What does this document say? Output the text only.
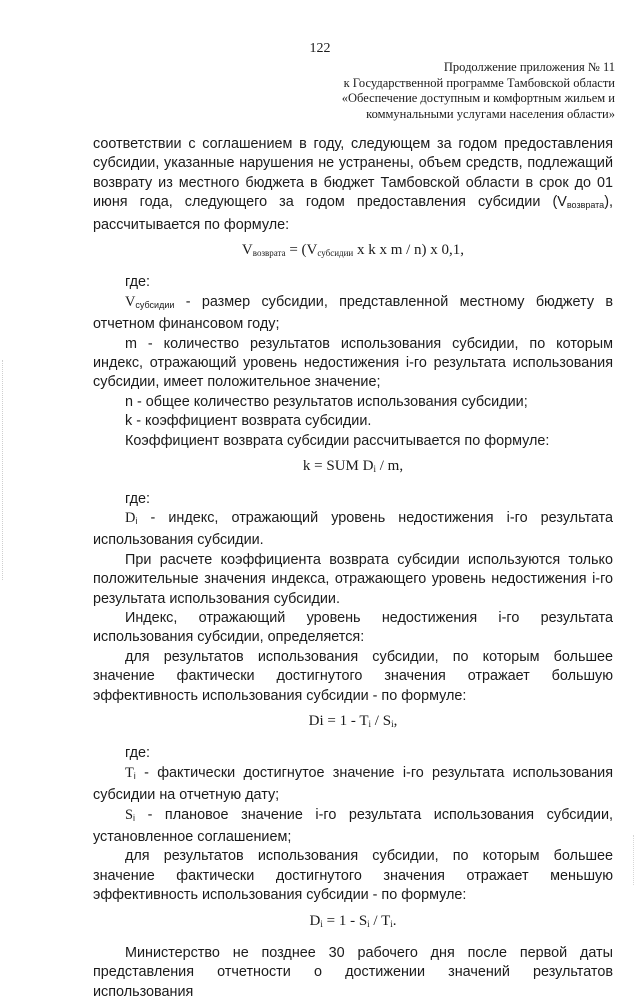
122
Продолжение приложения № 11
к Государственной программе Тамбовской области
«Обеспечение доступным и комфортным жильем и
коммунальными услугами населения области»

соответствии с соглашением в году, следующем за годом предоставления субсидии, указанные нарушения не устранены, объем средств, подлежащий возврату из местного бюджета в бюджет Тамбовской области в срок до 01 июня года, следующего за годом предоставления субсидии $(V_{возврата})$, рассчитывается по формуле:

$V_{возврата} = (V_{субсидии}$ x k x m / n) x 0,1,

где:

$V_{субсидии}$ - размер субсидии, представленной местному бюджету в отчетном финансовом году;

m - количество результатов использования субсидии, по которым индекс, отражающий уровень недостижения i-го результата использования субсидии, имеет положительное значение;

n - общее количество результатов использования субсидии;

k - коэффициент возврата субсидии.

Коэффициент возврата субсидии рассчитывается по формуле:

k = SUM $D_i$ / m,

где:

$D_i$ - индекс, отражающий уровень недостижения i-го результата использования субсидии.

При расчете коэффициента возврата субсидии используются только положительные значения индекса, отражающего уровень недостижения i-го результата использования субсидии.

Индекс, отражающий уровень недостижения i-го результата использования субсидии, определяется:

для результатов использования субсидии, по которым большее значение фактически достигнутого значения отражает большую эффективность использования субсидии - по формуле:

$Di = 1 - T_i / S_i$,

где:

$T_i$ - фактически достигнутое значение i-го результата использования субсидии на отчетную дату;

$S_i$ - плановое значение i-го результата использования субсидии, установленное соглашением;

для результатов использования субсидии, по которым большее значение фактически достигнутого значения отражает меньшую эффективность использования субсидии - по формуле:

$D_i = 1 - S_i / T_i$.

Министерство не позднее 30 рабочего дня после первой даты представления отчетности о достижении значений результатов использования
